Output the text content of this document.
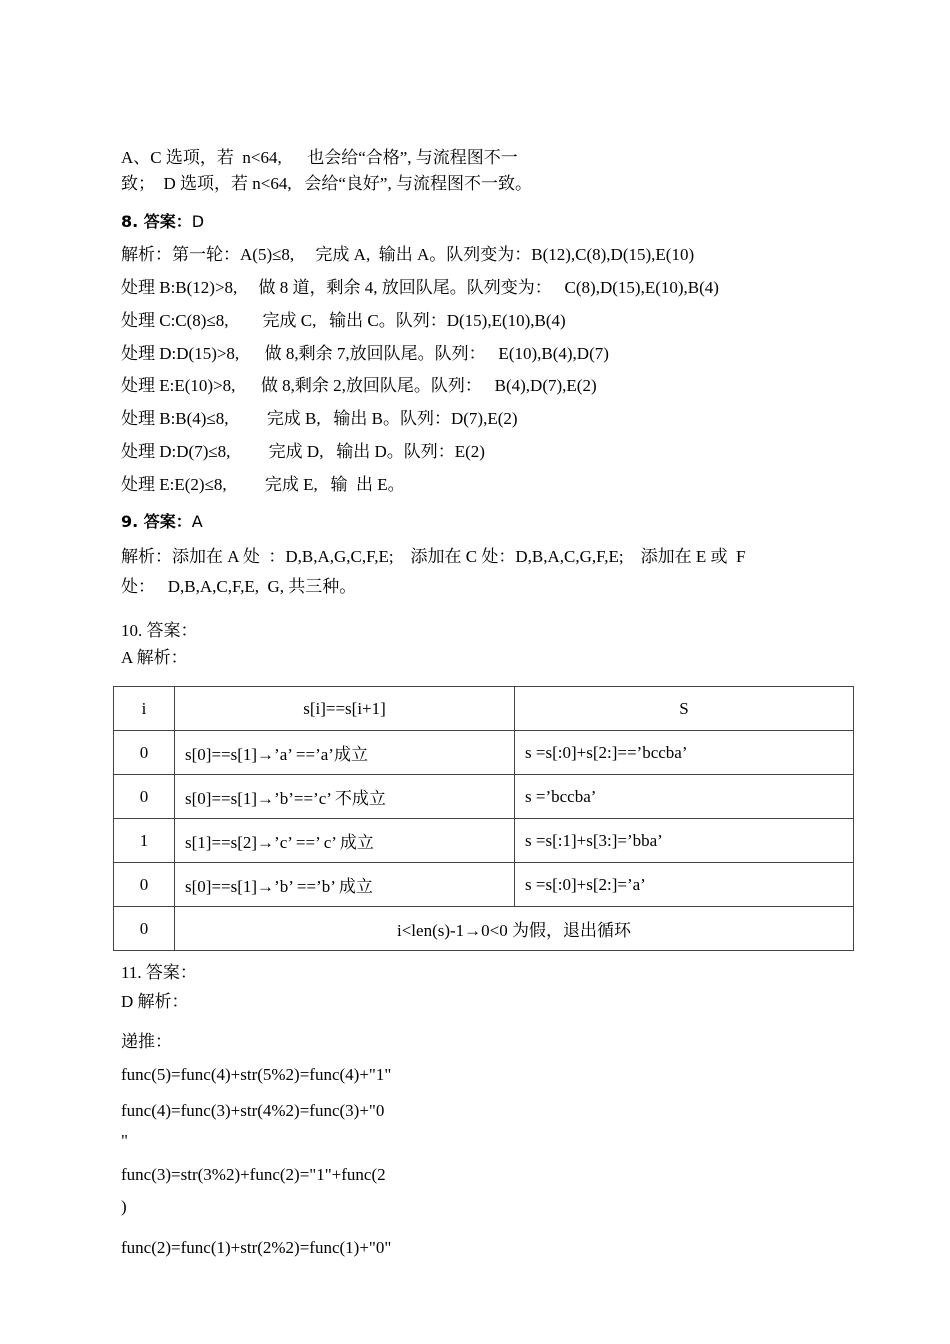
A、C 选项，若  n<64,      也会给“合格”, 与流程图不一

致；  D 选项，若 n<64,   会给“良好”, 与流程图不一致。

8. 答案：D

解析：第一轮：A(5)≤8,     完成 A,  输出 A。队列变为：B(12),C(8),D(15),E(10)

处理 B:B(12)>8,     做 8 道，剩余 4, 放回队尾。队列变为：   C(8),D(15),E(10),B(4)

处理 C:C(8)≤8,        完成 C,   输出 C。队列：D(15),E(10),B(4)

处理 D:D(15)>8,      做 8,剩余 7,放回队尾。队列：   E(10),B(4),D(7)

处理 E:E(10)>8,      做 8,剩余 2,放回队尾。队列：   B(4),D(7),E(2)

处理 B:B(4)≤8,         完成 B,   输出 B。队列：D(7),E(2)

处理 D:D(7)≤8,         完成 D,   输出 D。队列：E(2)

处理 E:E(2)≤8,         完成 E,   输  出 E。

9. 答案：A

解析：添加在 A 处  ：D,B,A,G,C,F,E;    添加在 C 处：D,B,A,C,G,F,E;    添加在 E 或  F

处：   D,B,A,C,F,E,  G, 共三种。

10. 答案：

A 解析：

i	s[i]==s[i+1]	S
0	s[0]==s[1]→’a’ ==’a’成立	s =s[:0]+s[2:]==’bccba’
0	s[0]==s[1]→’b’==’c’ 不成立	s =’bccba’
1	s[1]==s[2]→’c’ ==’ c’ 成立	s =s[:1]+s[3:]=’bba’
0	s[0]==s[1]→’b’ ==’b’ 成立	s =s[:0]+s[2:]=’a’
0	i<len(s)-1→0<0 为假，退出循环	

11. 答案：

D 解析：

递推：

func(5)=func(4)+str(5%2)=func(4)+"1"

func(4)=func(3)+str(4%2)=func(3)+"0

"

func(3)=str(3%2)+func(2)="1"+func(2

)

func(2)=func(1)+str(2%2)=func(1)+"0"
